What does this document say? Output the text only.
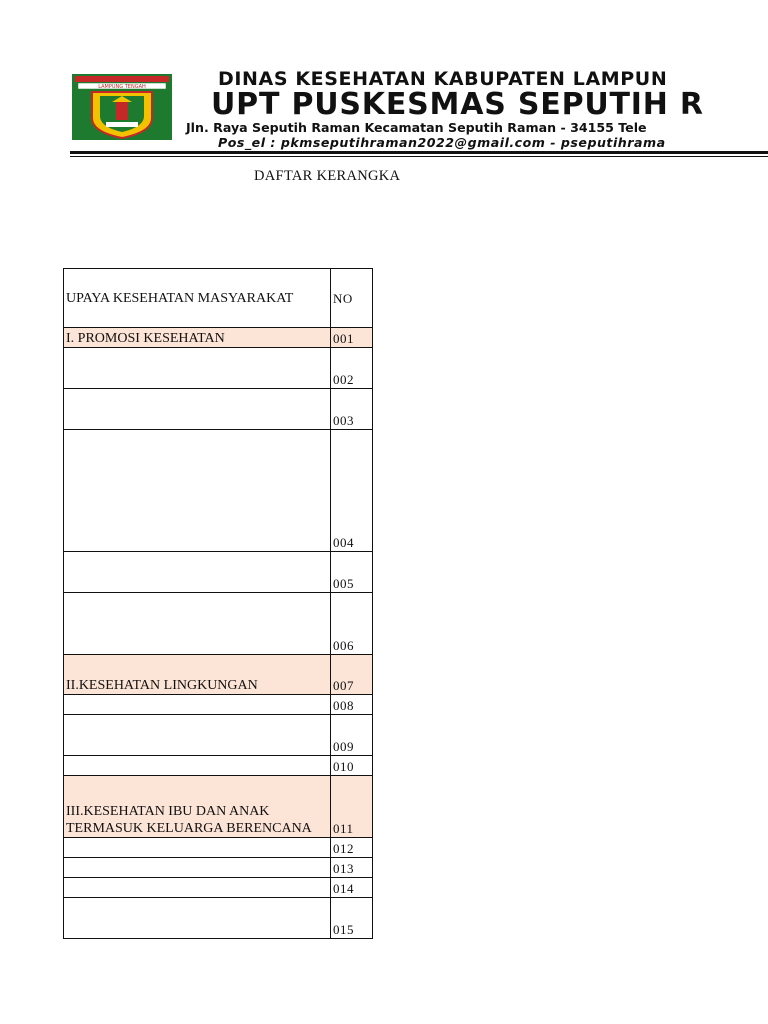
LAMPUNG TENGAH	DINAS KESEHATAN KABUPATEN LAMPUN
UPT PUSKESMAS SEPUTIH R
Jln. Raya Seputih Raman Kecamatan Seputih Raman - 34155 Tele
Pos_el : pkmseputihraman2022@gmail.com - pseputihrama
DAFTAR KERANGKA
UPAYA KESEHATAN MASYARAKAT	NO
I. PROMOSI KESEHATAN	001
	002
	003
	004
	005
	006
II.KESEHATAN LINGKUNGAN	007
	008
	009
	010
III.KESEHATAN IBU DAN ANAK TERMASUK KELUARGA BERENCANA	011
	012
	013
	014
	015
